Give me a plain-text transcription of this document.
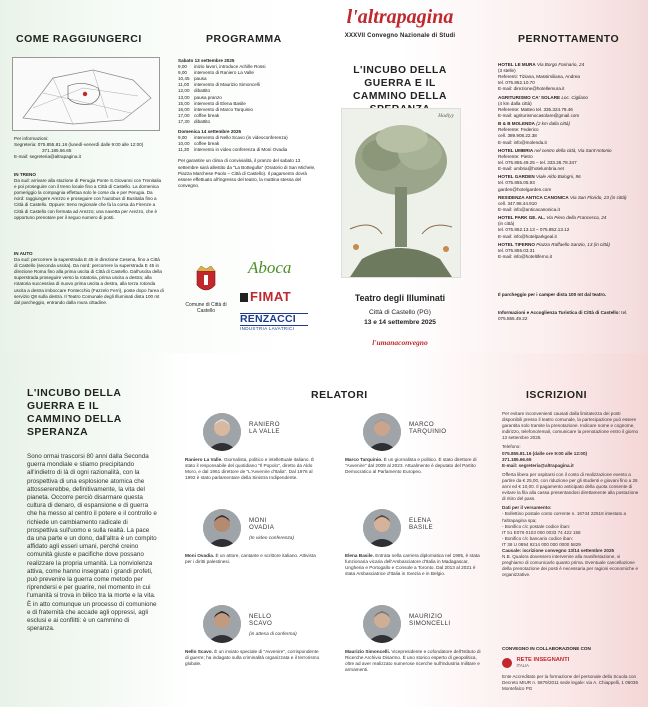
COME RAGGIUNGERCI
Per informazioni:
Segreteria: 075.855.81.16 (lunedì-venerdì dalle 9:00 alle 12:00)
371.185.66.65
E-mail: segreteria@altrapagina.it
IN TRENO
Da sud: arrivare alla stazione di Perugia Ponte S.Giovanni con Trenitalia e poi proseguire con il treno locale fino a Città di Castello. La domenica pomeriggio la compagnia effettua solo le corse da e per Perugia. Da nord: raggiungere Arezzo e proseguire con l'autobus di Busitalia fino a Città di Castello. Oppure: treno regionale che fa la corsa da Firenze a Città di Castello con fermata ad Arezzo; una navetta per Arezzo, che è opportuno prenotare per il seguo numero di posti.
IN AUTO
Da sud: percorrere la superstrada E 45 in direzione Cesena, fino a Città di Castello (seconda uscita). Da nord: percorrere la superstrada E 45 in direzione Roma fino alla prima uscita di Città di Castello. Dall'uscita della superstrada proseguire verso la rotatoria, prima uscita a destra; alla rotatoria successiva di nuovo prima uscita a destra, alla terza rotonda uscita a destra imboccare Fontecchio (Fazzelo Ferri), poste dopo l'area di servizio Q8 sulla destra. Il Teatro Comunale degli Illuminati dista 100 mt dal parcheggio, entrando dalla mura cittadine.
PROGRAMMA
Sabato 13 settembre 2025
9,00	inizio lavori, introduce Achille Rossi
9,00	intervento di Raniero La Valle
10,45 pausa
11,00	intervento di Maurizio Simoncelli
12,00 dibattito
13,00 pausa pranzo
15,00 intervento di Elena Basile
16,00 intervento di Marco Tarquinio
17,00 coffee break
17,30 dibattito
Domenica 14 settembre 2025
9,00	intervento di Nello Scavo (in videoconferenza)
10,00 coffee break
11,30	intervento in video conferenza di Moni Ovadia
Per garantire un clima di convivialità, il pranzo del sabato 13 settembre sarà allestito da "La Bottegulla" (Oratorio di San Michele, Piazza Marchese Paolo – Città di Castello). Il pagamento dovrà essere effettuato all'ingresso del teatro, la mattina stessa del convegno.
Comune di Città di Castello
Aboca
FIMAT
RENZACCI
INDUSTRIA LAVATRICI
l'altrapagina
XXXVII Convegno Nazionale di Studi
L'INCUBO DELLA GUERRA E IL CAMMINO DELLA
Hadiyy
Teatro degli Illuminati
Città di Castello (PG)
13 e 14 settembre 2025
l'umanaconvegno
PERNOTTAMENTO

HOTEL LE MURA Via Borgo Farinario, 24
(3 stelle)
Referenti: Tiziana, Massimiliana, Andrea
tel. 075.852.10.70
E-mail: direzione@hotellemura.it

AGRITURISMO CA' SOLARE Loc. Cigliano
(4 km dalla città)
Referente: Matteo tel. 335.324.79.46
E-mail: agriturismocasolare@gmail.com

B & B MOLENDA (2 km dalla città)
Referente: Federico
cell. 389.908.22.38
E-mail: info@molenda.it

HOTEL UMBRIA nel centro della città, Via Sant'Antonio
Referente: Pietro
tel. 075.855.49.25 – tel. 333.26.78.347
E-mail: umbria@hotelumbria.net

HOTEL GARDEN Viale Aldo Bologni, 96
tel. 075.855.05.93
garden@hotelgarden.com

RESIDENZA ANTICA CANONICA Via San Florido, 23 (in città)
cell. 347.98.44.910
E-mail: info@anticacanonica.it

HOTEL PARK GE. AL. Via Piero della Francesca, 24
(in città)
tel. 075.852.13.13 – 075.852.13.12
E-mail: info@hotelparkgeal.it

HOTEL TIFERNO Piazza Raffaello Sanzio, 13 (in città)
tel. 075.855.03.31
E-mail: info@hoteltiferno.it

Il parcheggio per i camper dista 100 mt dal teatro.
Informazioni e Accoglienza Turistica di Città di Castello: tel. 075.855.49.22
L'INCUBO DELLA GUERRA E IL CAMMINO DELLA SPERANZA
Sono ormai trascorsi 80 anni dalla Seconda guerra mondiale e stiamo precipitando all'indietro di là di ogni razionalità, con la prospettiva di una esplosione atomica che attossererebbe, definitivamente, la vita del pianeta. Occorre perciò disarmare questa cultura di denaro, di espansione e di guerra che ha messo al centro il potere e il controllo e richiede un cambiamento radicale di prospettiva sull'uomo e sulla realtà. La pace da una parte e un dono, dall'altra è un compito affidato agli esseri umani, perché creino comunità giuste e pacifiche dove possano realizzare la propria umanità. La nonviolenza attiva, come hanno insegnato i grandi profeti, può prevenire la guerra come metodo per riprendersi e per guarire, nel momento in cui l'umanità si trova in bilico tra la morte e la vita. È in atto comunque un processo di comunione e di fraternità che accade agli oppressi, agli esclusi e ai conflitti: è un cammino di speranza.
RELATORI
RANIERO
LA VALLE
Raniero La Valle. Giornalista, politico e intellettuale italiano. È stato il responsabile del quotidiano "Il Popolo", diretto da Aldo Moro, e dal 1961 direttore de "L'Avvenire d'Italia". Dal 1976 al 1992 è stato parlamentare della Sinistra Indipendente.
MARCO
TARQUINIO
Marco Tarquinio. È un giornalista e politico. È stato direttore di "Avvenire" dal 2009 al 2023. Attualmente è deputato del Partito Democratico al Parlamento Europeo.
MONI
OVADIA
(In video conferenza)
Moni Ovadia. È un attore, cantante e scrittore italiano. Attivista per i diritti palestinesi.
ELENA
BASILE
Elena Basile. Entrata nella carriera diplomatica nel 1985, è stata funzionaria vicaria dell'Ambasciatore d'Italia in Madagascar, Ungheria e Portogallo e Console a Toronto. Dal 2013 al 2021 è stata Ambasciatrice d'Italia in Svezia e in Belgio.
NELLO
SCAVO
(in attesa di conferma)
Nello Scavo. È un inviato speciale di "Avvenire", corrispondente di guerre; ha indagato sulla criminalità organizzata e il terrorismo globale.
MAURIZIO
SIMONCELLI
Maurizio Simoncelli. Vicepresidente e cofondatore dell'Istituto di Ricerche Archivio Disarmo. È uno storico esperto di geopolitica, oltre ad aver realizzato numerose ricerche sull'industria militare e armamenti.
ISCRIZIONI

Per evitare inconvenienti causati dalla limitatezza dei posti disponibili presso il teatro comunale, la partecipazione può essere garantita solo tramite la prenotazione. Indicare nome e cognome, indirizzo, telefono/email, comunicare la prenotazione entro il giorno 13 settembre 2025.

Telefono:
075.855.81.16 (dalle ore 9:00 alle 12:00)
371.185.66.65

E-mail: segreteria@altrapagina.it

Offerta libera per ospitarsi con il costo di realizzazione evento a partire da € 25,00, con riduzione per gli studenti e giovani fino a 26 anni ed € 10,00. Il pagamento anticipato della quota consente di evitare la fila alla cassa presentandosi direttamente alla postazione di ritiro del pass.

Dati per il versamento:
- Bollettino postale conto corrente n. 16744 22518 intestato a l'altrapagina spa;
- Bonifico c/c postale codice iban:
IT 51 E076 0103 000 0033 74 422 158
- Bonifico c/c bancario codice iban:
IT 38 U 0894 9214 000 000 0000 5829
Causale: iscrizione convegno 13/14 settembre 2025

N.B. Qualora dovessero intervenire alla manifestazione, vi preghiamo di comunicarlo quanto prima. Eventuale cancellazione della prenotazione dei posti è necessaria per ragioni economiche e organizzative.

CONVEGNO IN COLLABORAZIONE CON

RETE INSEGNANTI
ITALIA
Ente Accreditato per la formazione del personale della Scuola con Decreto MIUR n. 5879/2011 sede legale: via A. Chiappelli, 1 06036 Montefalco PG
